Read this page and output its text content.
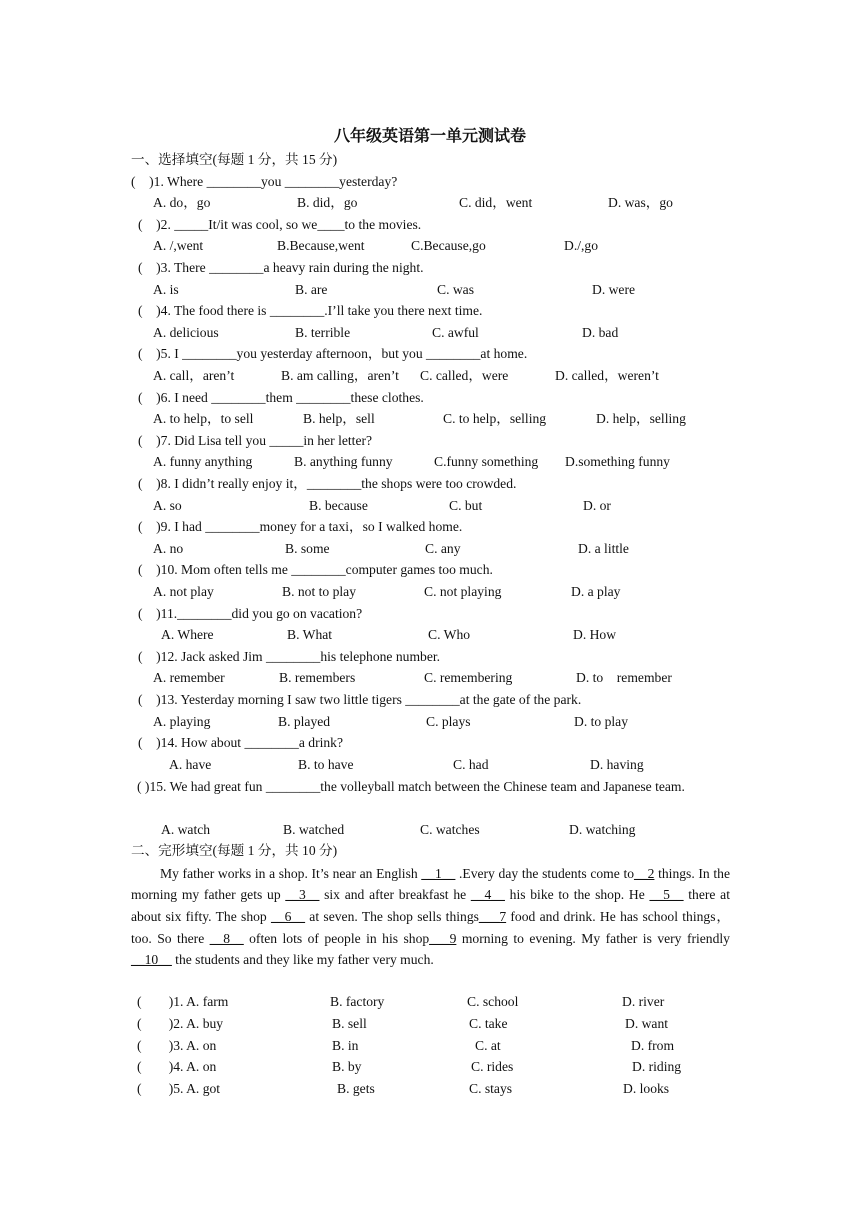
八年级英语第一单元测试卷
一、选择填空(每题 1 分，共 15 分)
(    )1. Where ________you ________yesterday?
A. do，go	B. did，go	C. did，went	D. was，go
(    )2. _____It/it was cool, so we____to the movies.
A. /,went	B.Because,went	C.Because,go	D./,go
(    )3. There ________a heavy rain during the night.
A. is	B. are	C. was	D. were
(    )4. The food there is ________.I’ll take you there next time.
A. delicious	B. terrible	C. awful	D. bad
(    )5. I ________you yesterday afternoon，but you ________at home.
A. call，aren’t	B. am calling，aren’t C. called，were	D. called，weren’t
(    )6. I need ________them ________these clothes.
A. to help，to sell	B. help，sell	C. to help，selling	D. help，selling
(    )7. Did Lisa tell you _____in her letter?
A. funny anything	B. anything funny	C.funny something D.something funny
(    )8. I didn’t really enjoy it，________the shops were too crowded.
A. so	B. because	C. but	D. or
(    )9. I had ________money for a taxi，so I walked home.
A. no	B. some	C. any	D. a little
(    )10. Mom often tells me ________computer games too much.
A. not play	B. not to play	C. not playing	D. a play
(    )11.________did you go on vacation?
A. Where	B. What	C. Who	D. How
(    )12. Jack asked Jim ________his telephone number.
A. remember	B. remembers	C. remembering	D. to    remember
(    )13. Yesterday morning I saw two little tigers ________at the gate of the park.
A. playing	B. played	C. plays	D. to play
(    )14. How about ________a drink?
A. have	B. to have	C. had	D. having
( )15. We had great fun ________the volleyball match between the Chinese team and Japanese team.
A. watch	B. watched	C. watches	D. watching
二、完形填空(每题 1 分，共 10 分)
My father works in a shop. It’s near an English __1__ .Every day the students come to__2 things. In the morning my father gets up __3__ six and after breakfast he __4__ his bike to the shop. He __5__ there at about six fifty. The shop __6__ at seven. The shop sells things___7 food and drink. He has school things，too. So there __8__ often lots of people in his shop___9 morning to evening. My father is very friendly __10__ the students and they like my father very much.
(        )1. A. farm	B. factory	C. school	D. river
(        )2. A. buy	B. sell	C. take	D. want
(        )3. A. on	B. in	C. at	D. from
(        )4. A. on	B. by	C. rides	D. riding
(        )5. A. got	B. gets	C. stays	D. looks
